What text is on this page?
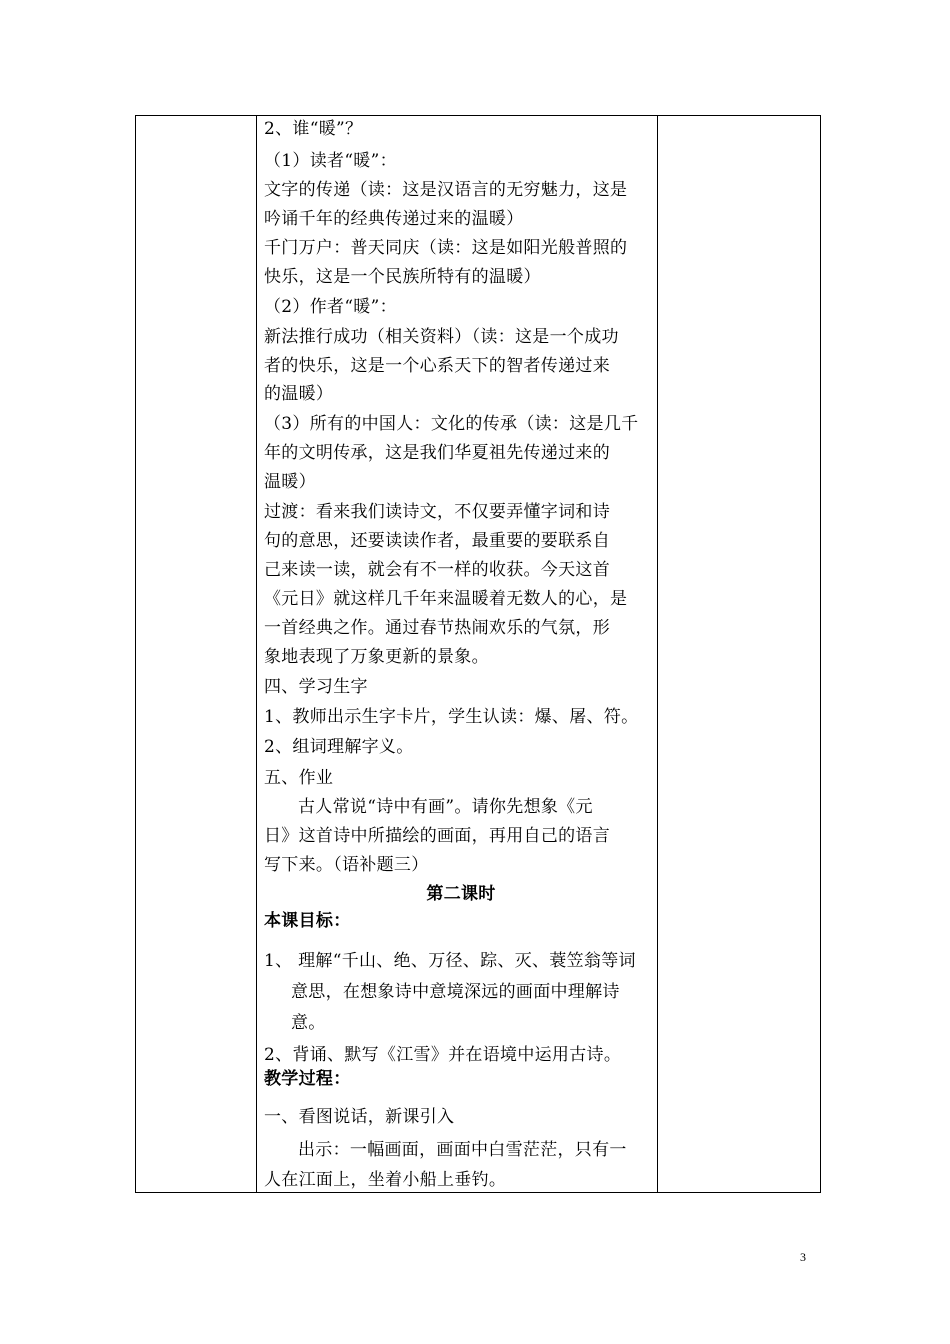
2、谁“暖”？
（1）读者“暖”：
文字的传递（读：这是汉语言的无穷魅力，这是
吟诵千年的经典传递过来的温暖）
千门万户：普天同庆（读：这是如阳光般普照的
快乐，这是一个民族所特有的温暖）
（2）作者“暖”：
新法推行成功（相关资料）（读：这是一个成功
者的快乐，这是一个心系天下的智者传递过来
的温暖）
（3）所有的中国人：文化的传承（读：这是几千
年的文明传承，这是我们华夏祖先传递过来的
温暖）
过渡：看来我们读诗文，不仅要弄懂字词和诗
句的意思，还要读读作者，最重要的要联系自
己来读一读，就会有不一样的收获。今天这首
《元日》就这样几千年来温暖着无数人的心，是
一首经典之作。通过春节热闹欢乐的气氛，形
象地表现了万象更新的景象。
四、学习生字
1、教师出示生字卡片，学生认读：爆、屠、符。
2、组词理解字义。
五、作业
古人常说“诗中有画”。请你先想象《元
日》这首诗中所描绘的画面，再用自己的语言
写下来。（语补题三）
第二课时
本课目标：
1、 理解“千山、绝、万径、踪、灭、蓑笠翁等词
意思，在想象诗中意境深远的画面中理解诗
意。
2、背诵、默写《江雪》并在语境中运用古诗。
教学过程：
一、看图说话，新课引入
出示：一幅画面，画面中白雪茫茫，只有一
人在江面上，坐着小船上垂钓。
3
